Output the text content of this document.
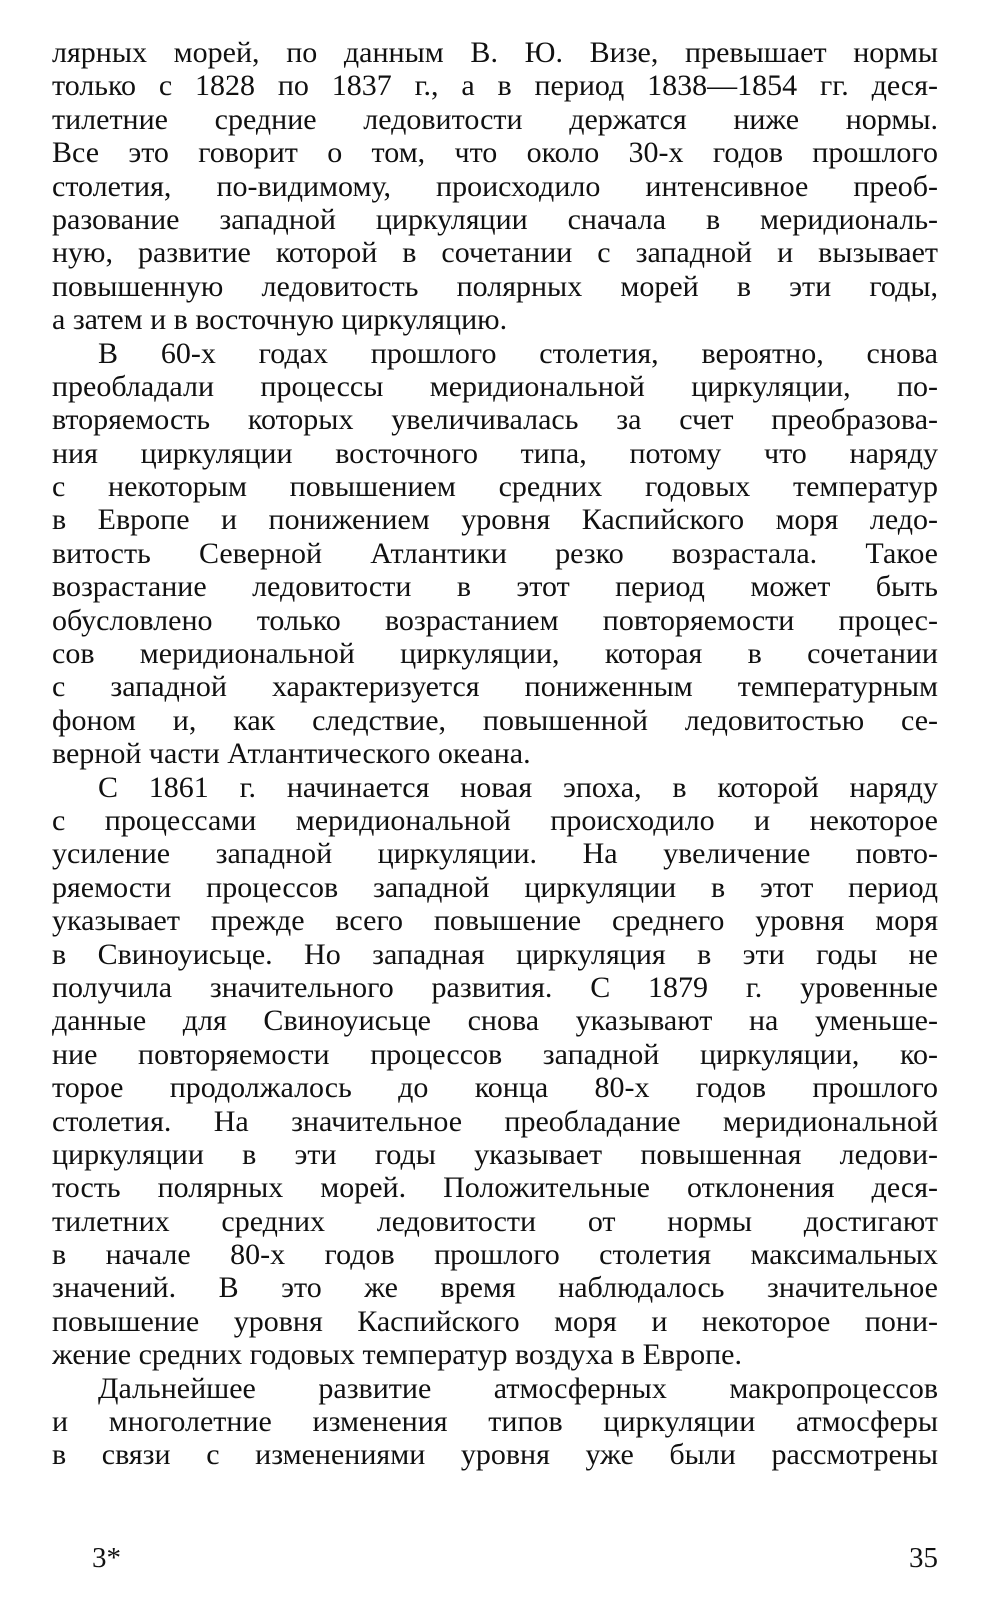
лярных морей, по данным В. Ю. Визе, превышает нормы
только с 1828 по 1837 г., а в период 1838—1854 гг. деся-
тилетние средние ледовитости держатся ниже нормы.
Все это говорит о том, что около 30-х годов прошлого
столетия, по-видимому, происходило интенсивное преоб-
разование западной циркуляции сначала в меридиональ-
ную, развитие которой в сочетании с западной и вызывает
повышенную ледовитость полярных морей в эти годы,
а затем и в восточную циркуляцию.
В 60-х годах прошлого столетия, вероятно, снова
преобладали процессы меридиональной циркуляции, по-
вторяемость которых увеличивалась за счет преобразова-
ния циркуляции восточного типа, потому что наряду
с некоторым повышением средних годовых температур
в Европе и понижением уровня Каспийского моря ледо-
витость Северной Атлантики резко возрастала. Такое
возрастание ледовитости в этот период может быть
обусловлено только возрастанием повторяемости процес-
сов меридиональной циркуляции, которая в сочетании
с западной характеризуется пониженным температурным
фоном и, как следствие, повышенной ледовитостью се-
верной части Атлантического океана.
С 1861 г. начинается новая эпоха, в которой наряду
с процессами меридиональной происходило и некоторое
усиление западной циркуляции. На увеличение повто-
ряемости процессов западной циркуляции в этот период
указывает прежде всего повышение среднего уровня моря
в Свиноуисьце. Но западная циркуляция в эти годы не
получила значительного развития. С 1879 г. уровенные
данные для Свиноуисьце снова указывают на уменьше-
ние повторяемости процессов западной циркуляции, ко-
торое продолжалось до конца 80-х годов прошлого
столетия. На значительное преобладание меридиональной
циркуляции в эти годы указывает повышенная ледови-
тость полярных морей. Положительные отклонения деся-
тилетних средних ледовитости от нормы достигают
в начале 80-х годов прошлого столетия максимальных
значений. В это же время наблюдалось значительное
повышение уровня Каспийского моря и некоторое пони-
жение средних годовых температур воздуха в Европе.
Дальнейшее развитие атмосферных макропроцессов
и многолетние изменения типов циркуляции атмосферы
в связи с изменениями уровня уже были рассмотрены
3*	35
